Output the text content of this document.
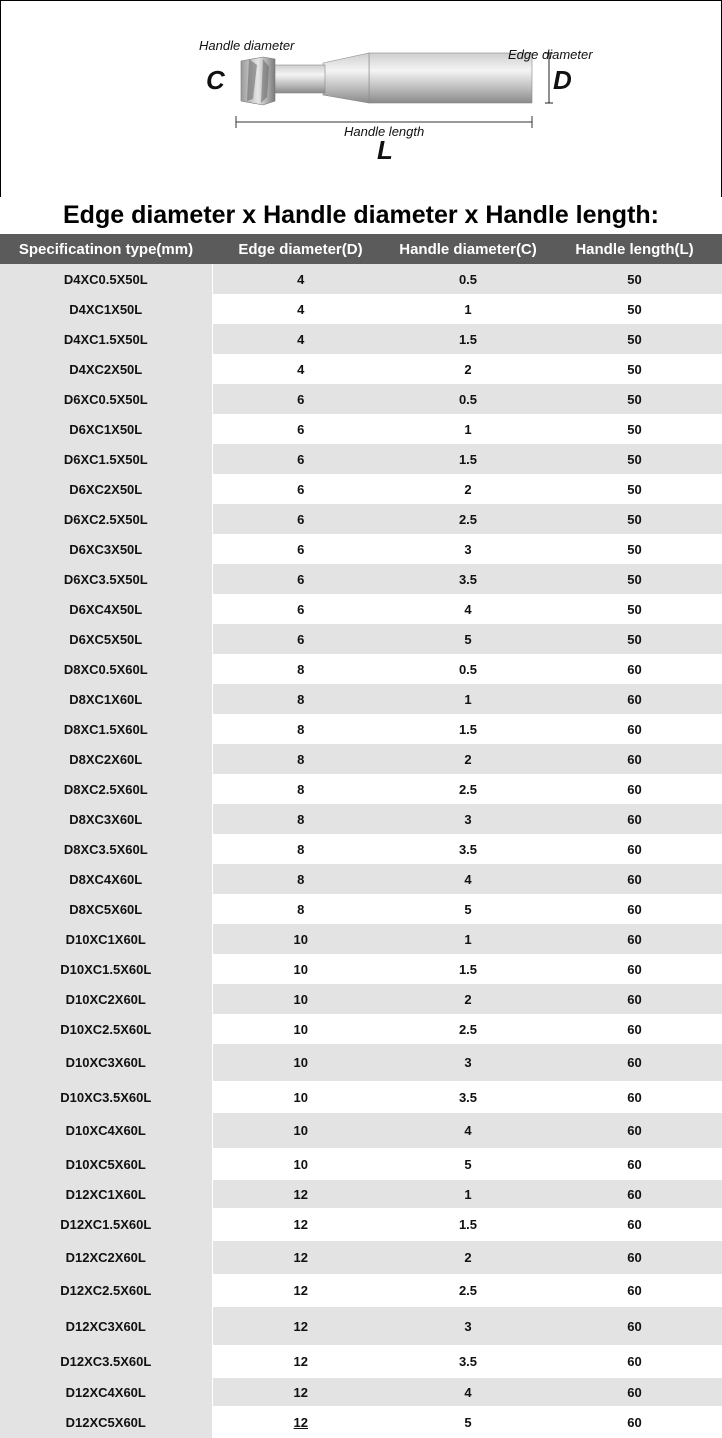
Handle diameter
C
Edge diameter
D
Handle length
L
Edge diameter x Handle diameter x Handle length:
Specificatinon type(mm)	Edge diameter(D)	Handle diameter(C)	Handle length(L)
D4XC0.5X50L	4	0.5	50
D4XC1X50L	4	1	50
D4XC1.5X50L	4	1.5	50
D4XC2X50L	4	2	50
D6XC0.5X50L	6	0.5	50
D6XC1X50L	6	1	50
D6XC1.5X50L	6	1.5	50
D6XC2X50L	6	2	50
D6XC2.5X50L	6	2.5	50
D6XC3X50L	6	3	50
D6XC3.5X50L	6	3.5	50
D6XC4X50L	6	4	50
D6XC5X50L	6	5	50
D8XC0.5X60L	8	0.5	60
D8XC1X60L	8	1	60
D8XC1.5X60L	8	1.5	60
D8XC2X60L	8	2	60
D8XC2.5X60L	8	2.5	60
D8XC3X60L	8	3	60
D8XC3.5X60L	8	3.5	60
D8XC4X60L	8	4	60
D8XC5X60L	8	5	60
D10XC1X60L	10	1	60
D10XC1.5X60L	10	1.5	60
D10XC2X60L	10	2	60
D10XC2.5X60L	10	2.5	60
D10XC3X60L	10	3	60
D10XC3.5X60L	10	3.5	60
D10XC4X60L	10	4	60
D10XC5X60L	10	5	60
D12XC1X60L	12	1	60
D12XC1.5X60L	12	1.5	60
D12XC2X60L	12	2	60
D12XC2.5X60L	12	2.5	60
D12XC3X60L	12	3	60
D12XC3.5X60L	12	3.5	60
D12XC4X60L	12	4	60
D12XC5X60L	12	5	60
